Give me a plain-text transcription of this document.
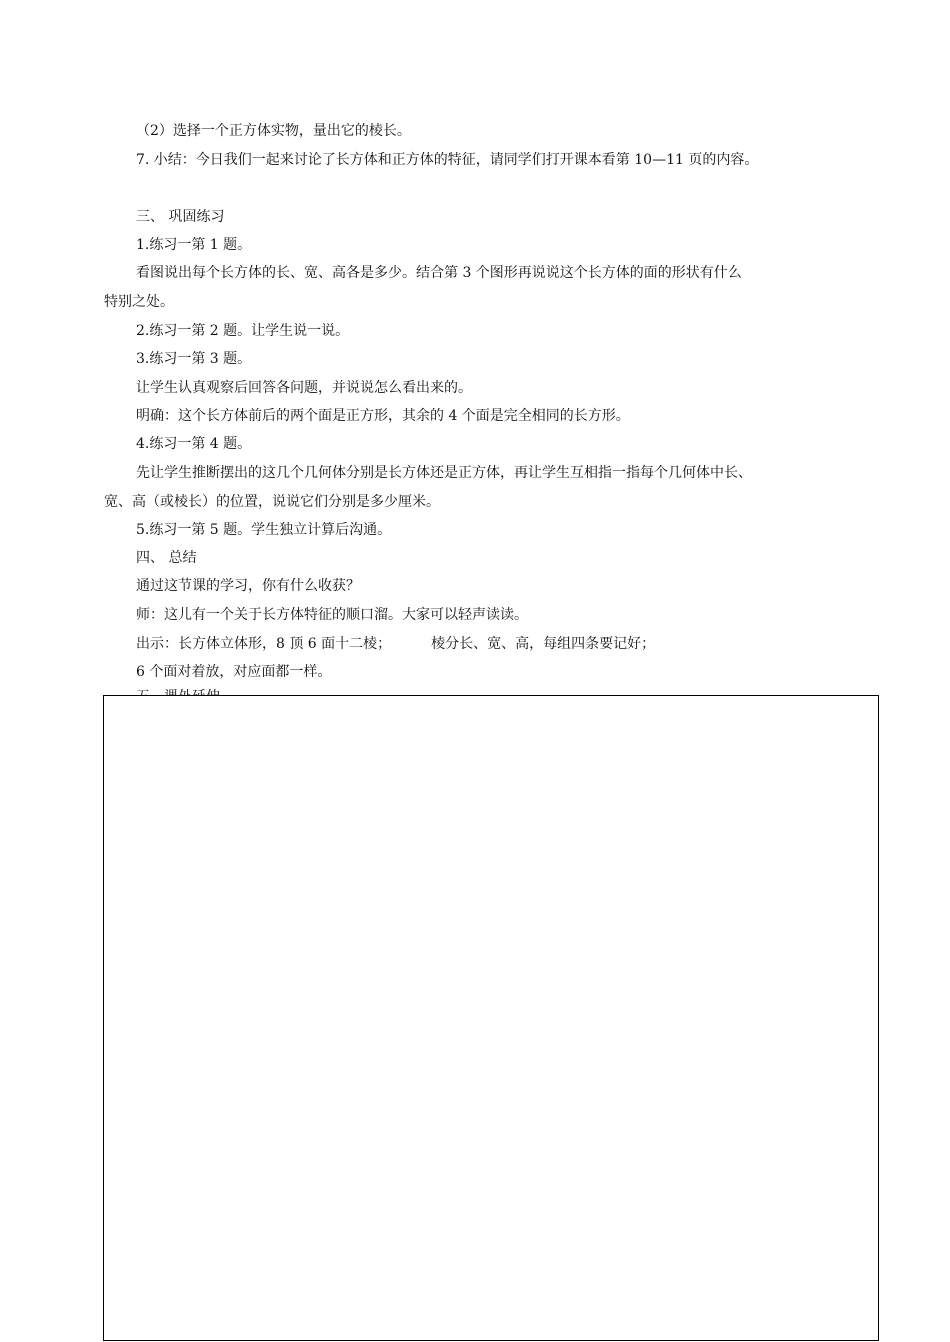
（2）选择一个正方体实物，量出它的棱长。
7. 小结：今日我们一起来讨论了长方体和正方体的特征，请同学们打开课本看第 10—11 页的内容。
三、 巩固练习
1.练习一第 1 题。
看图说出每个长方体的长、宽、高各是多少。结合第 3 个图形再说说这个长方体的面的形状有什么
特别之处。
2.练习一第 2 题。让学生说一说。
3.练习一第 3 题。
让学生认真观察后回答各问题，并说说怎么看出来的。
明确：这个长方体前后的两个面是正方形，其余的 4 个面是完全相同的长方形。
4.练习一第 4 题。
先让学生推断摆出的这几个几何体分别是长方体还是正方体，再让学生互相指一指每个几何体中长、
宽、高（或棱长）的位置，说说它们分别是多少厘米。
5.练习一第 5 题。学生独立计算后沟通。
四、 总结
通过这节课的学习，你有什么收获？
师：这儿有一个关于长方体特征的顺口溜。大家可以轻声读读。
出示：长方体立体形，8 顶 6 面十二棱；	棱分长、宽、高，每组四条要记好；
6 个面对着放，对应面都一样。
